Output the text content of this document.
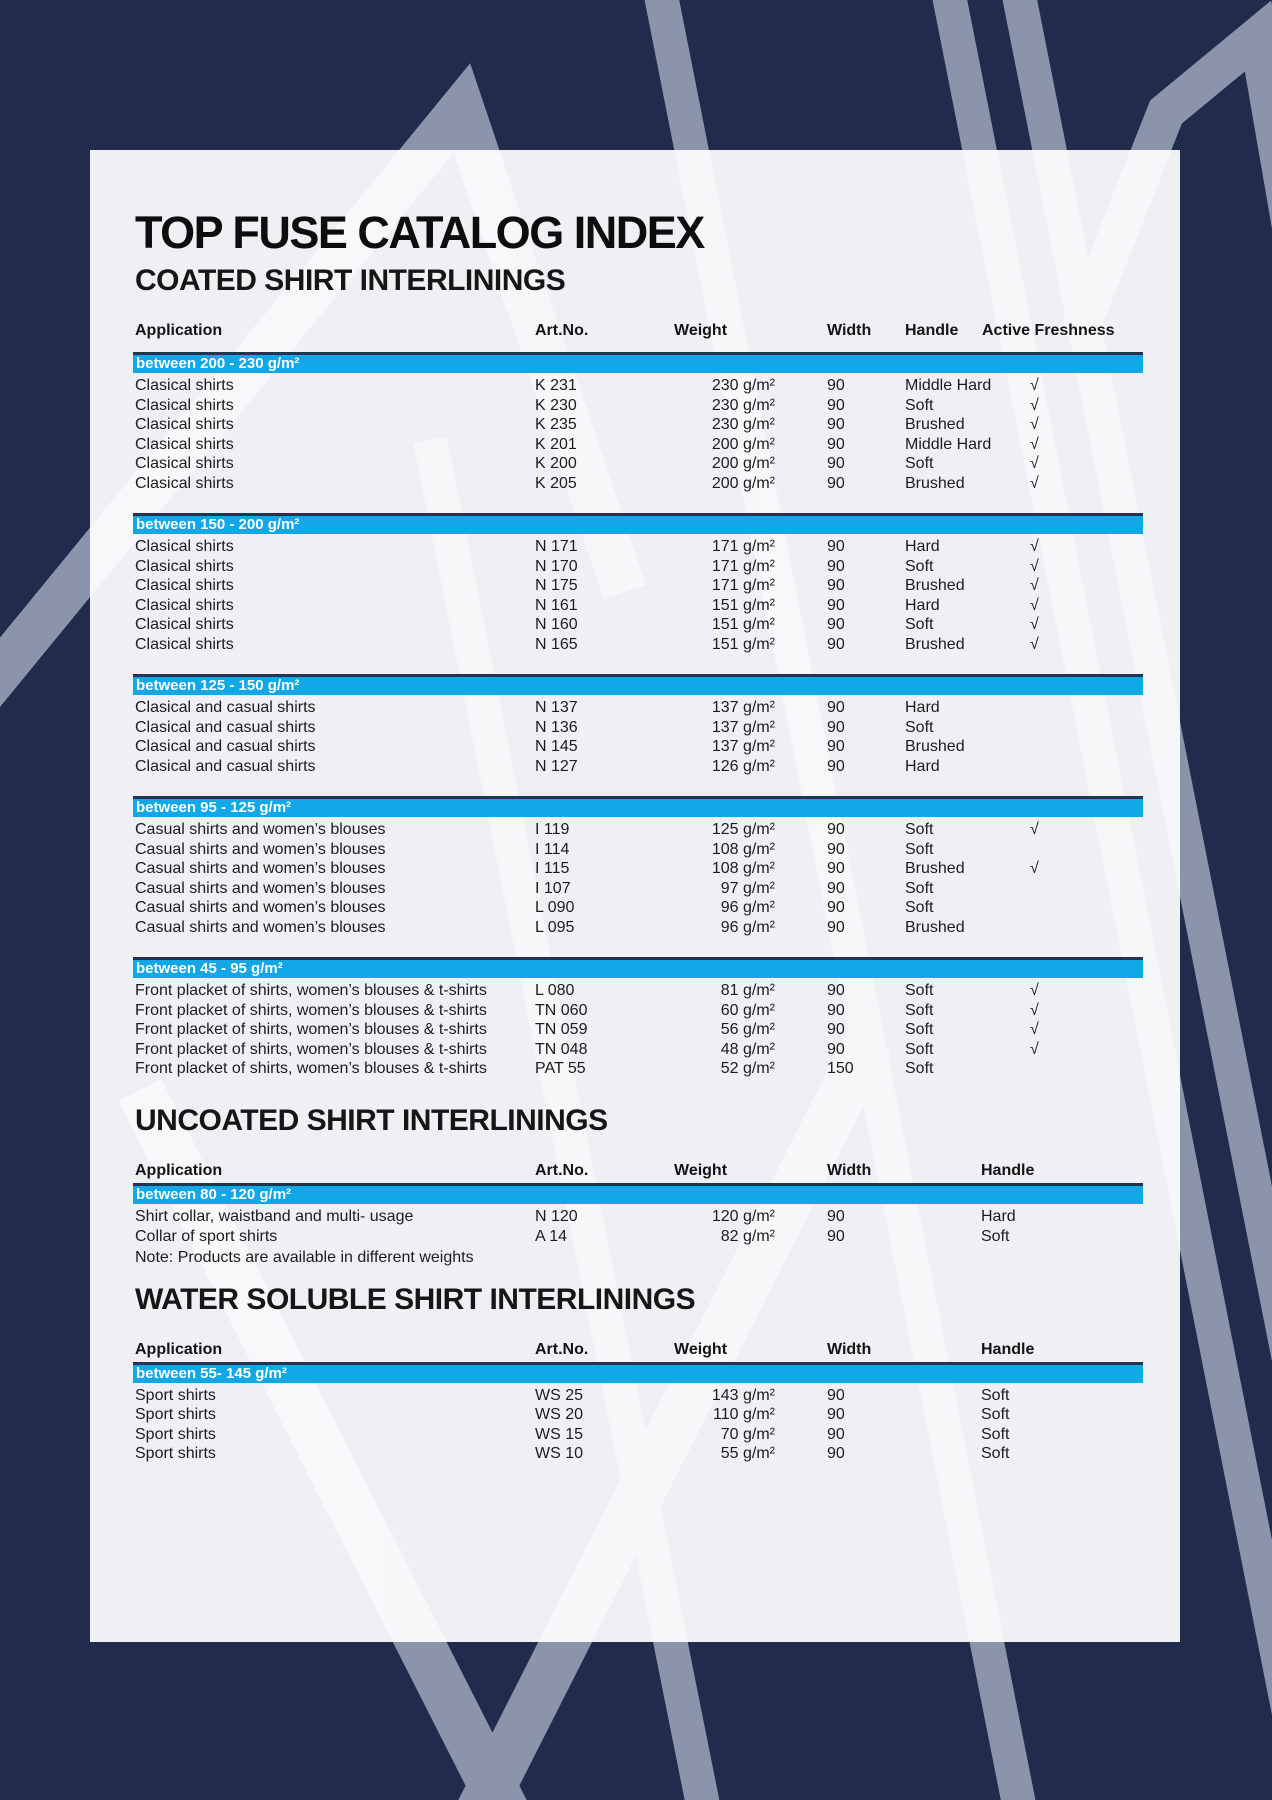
TOP FUSE CATALOG INDEX
COATED SHIRT INTERLININGS
Application	Art.No.	Weight	Width	Handle	Active Freshness
between 200 - 230 g/m²
Clasical shirts	K 231	230 g/m²	90	Middle Hard	√
Clasical shirts	K 230	230 g/m²	90	Soft	√
Clasical shirts	K 235	230 g/m²	90	Brushed	√
Clasical shirts	K 201	200 g/m²	90	Middle Hard	√
Clasical shirts	K 200	200 g/m²	90	Soft	√
Clasical shirts	K 205	200 g/m²	90	Brushed	√
between 150 - 200 g/m²
Clasical shirts	N 171	171 g/m²	90	Hard	√
Clasical shirts	N 170	171 g/m²	90	Soft	√
Clasical shirts	N 175	171 g/m²	90	Brushed	√
Clasical shirts	N 161	151 g/m²	90	Hard	√
Clasical shirts	N 160	151 g/m²	90	Soft	√
Clasical shirts	N 165	151 g/m²	90	Brushed	√
between 125 - 150 g/m²
Clasical and casual shirts	N 137	137 g/m²	90	Hard
Clasical and casual shirts	N 136	137 g/m²	90	Soft
Clasical and casual shirts	N 145	137 g/m²	90	Brushed
Clasical and casual shirts	N 127	126 g/m²	90	Hard
between 95 - 125 g/m²
Casual shirts and women’s blouses	I 119	125 g/m²	90	Soft	√
Casual shirts and women’s blouses	I 114	108 g/m²	90	Soft
Casual shirts and women’s blouses	I 115	108 g/m²	90	Brushed	√
Casual shirts and women’s blouses	I 107	97 g/m²	90	Soft
Casual shirts and women’s blouses	L 090	96 g/m²	90	Soft
Casual shirts and women’s blouses	L 095	96 g/m²	90	Brushed
between 45 - 95 g/m²
Front placket of shirts, women’s blouses & t-shirts	L 080	81 g/m²	90	Soft	√
Front placket of shirts, women’s blouses & t-shirts	TN 060	60 g/m²	90	Soft	√
Front placket of shirts, women’s blouses & t-shirts	TN 059	56 g/m²	90	Soft	√
Front placket of shirts, women’s blouses & t-shirts	TN 048	48 g/m²	90	Soft	√
Front placket of shirts, women’s blouses & t-shirts	PAT 55	52 g/m²	150	Soft
UNCOATED SHIRT INTERLININGS
Application	Art.No.	Weight	Width	Handle
between 80 - 120 g/m²
Shirt collar, waistband and multi- usage	N 120	120 g/m²	90	Hard
Collar of sport shirts	A 14	82 g/m²	90	Soft
Note: Products are available in different weights
WATER SOLUBLE SHIRT INTERLININGS
Application	Art.No.	Weight	Width	Handle
between 55- 145 g/m²
Sport shirts	WS 25	143 g/m²	90	Soft
Sport shirts	WS 20	110 g/m²	90	Soft
Sport shirts	WS 15	70 g/m²	90	Soft
Sport shirts	WS 10	55 g/m²	90	Soft
